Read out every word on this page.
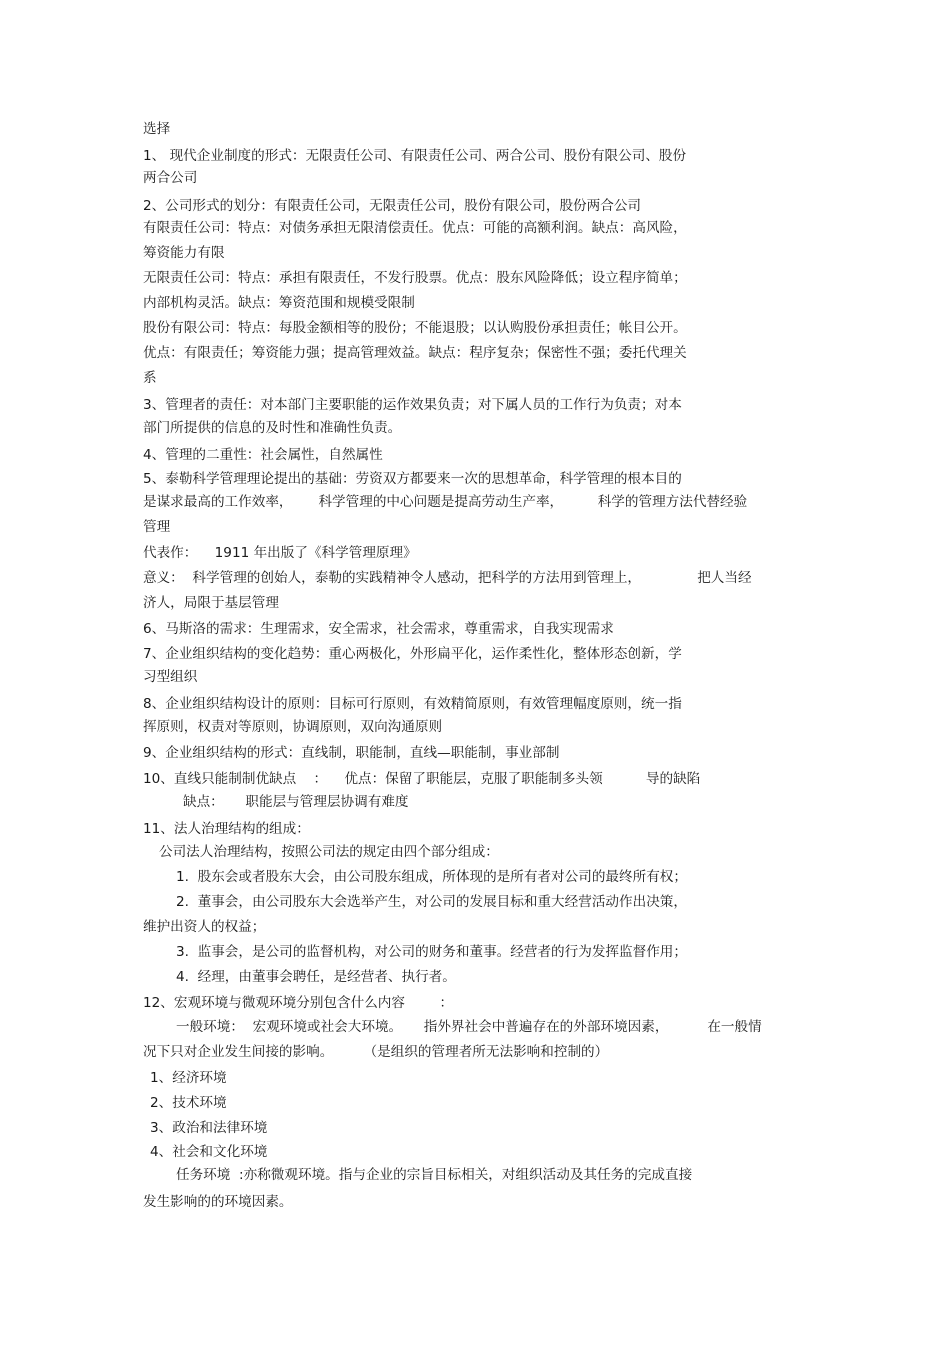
选择
1、 现代企业制度的形式：无限责任公司、有限责任公司、两合公司、股份有限公司、股份
两合公司
2、公司形式的划分：有限责任公司，无限责任公司，股份有限公司，股份两合公司
有限责任公司：特点：对债务承担无限清偿责任。优点：可能的高额利润。缺点：高风险，
筹资能力有限
无限责任公司：特点：承担有限责任，不发行股票。优点：股东风险降低；设立程序简单；
内部机构灵活。缺点：筹资范围和规模受限制
股份有限公司：特点：每股金额相等的股份；不能退股；以认购股份承担责任；帐目公开。
优点：有限责任；筹资能力强；提高管理效益。缺点：程序复杂；保密性不强；委托代理关
系
3、管理者的责任：对本部门主要职能的运作效果负责；对下属人员的工作行为负责；对本
部门所提供的信息的及时性和准确性负责。
4、管理的二重性：社会属性，自然属性
5、泰勒科学管理理论提出的基础：劳资双方都要来一次的思想革命，科学管理的根本目的
是谋求最高的工作效率，      科学管理的中心问题是提高劳动生产率，        科学的管理方法代替经验
管理
代表作：    1911 年出版了《科学管理原理》
意义：  科学管理的创始人，泰勒的实践精神令人感动，把科学的方法用到管理上，             把人当经
济人，局限于基层管理
6、马斯洛的需求：生理需求，安全需求，社会需求，尊重需求，自我实现需求
7、企业组织结构的变化趋势：重心两极化，外形扁平化，运作柔性化，整体形态创新，学
习型组织
8、企业组织结构设计的原则：目标可行原则，有效精简原则，有效管理幅度原则，统一指
挥原则，权责对等原则，协调原则，双向沟通原则
9、企业组织结构的形式：直线制，职能制，直线—职能制，事业部制
10、直线只能制制优缺点    ：    优点：保留了职能层，克服了职能制多头领          导的缺陷
缺点：     职能层与管理层协调有难度
11、法人治理结构的组成：
公司法人治理结构，按照公司法的规定由四个部分组成：
1.  股东会或者股东大会，由公司股东组成，所体现的是所有者对公司的最终所有权；
2.  董事会，由公司股东大会选举产生，对公司的发展目标和重大经营活动作出决策，
维护出资人的权益；
3.  监事会，是公司的监督机构，对公司的财务和董事。经营者的行为发挥监督作用；
4.  经理，由董事会聘任，是经营者、执行者。
12、宏观环境与微观环境分别包含什么内容        ：
一般环境：  宏观环境或社会大环境。     指外界社会中普遍存在的外部环境因素，         在一般情
况下只对企业发生间接的影响。       （是组织的管理者所无法影响和控制的）
1、经济环境
2、技术环境
3、政治和法律环境
4、社会和文化环境
任务环境  :亦称微观环境。指与企业的宗旨目标相关，对组织活动及其任务的完成直接
发生影响的的环境因素。
